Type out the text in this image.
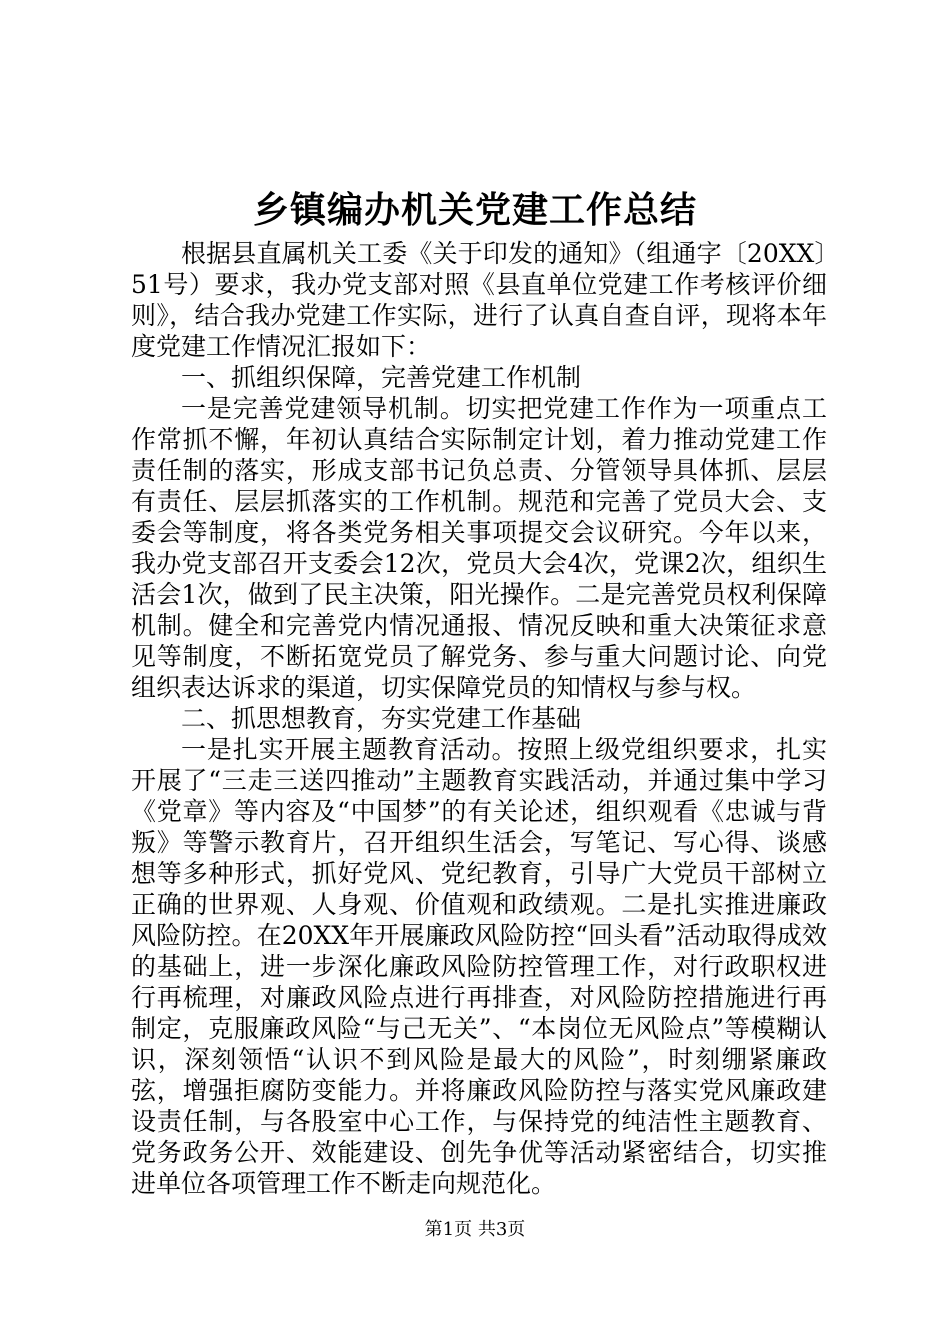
乡镇编办机关党建工作总结

根据县直属机关工委《关于印发的通知》（组通字〔20XX〕51号）要求，我办党支部对照《县直单位党建工作考核评价细则》，结合我办党建工作实际，进行了认真自查自评，现将本年度党建工作情况汇报如下：

一、抓组织保障，完善党建工作机制

一是完善党建领导机制。切实把党建工作作为一项重点工作常抓不懈，年初认真结合实际制定计划，着力推动党建工作责任制的落实，形成支部书记负总责、分管领导具体抓、层层有责任、层层抓落实的工作机制。规范和完善了党员大会、支委会等制度，将各类党务相关事项提交会议研究。今年以来，我办党支部召开支委会12次，党员大会4次，党课2次，组织生活会1次，做到了民主决策，阳光操作。二是完善党员权利保障机制。健全和完善党内情况通报、情况反映和重大决策征求意见等制度，不断拓宽党员了解党务、参与重大问题讨论、向党组织表达诉求的渠道，切实保障党员的知情权与参与权。

二、抓思想教育，夯实党建工作基础

一是扎实开展主题教育活动。按照上级党组织要求，扎实开展了“三走三送四推动”主题教育实践活动，并通过集中学习《党章》等内容及“中国梦”的有关论述，组织观看《忠诚与背叛》等警示教育片，召开组织生活会，写笔记、写心得、谈感想等多种形式，抓好党风、党纪教育，引导广大党员干部树立正确的世界观、人身观、价值观和政绩观。二是扎实推进廉政风险防控。在20XX年开展廉政风险防控“回头看”活动取得成效的基础上，进一步深化廉政风险防控管理工作，对行政职权进行再梳理，对廉政风险点进行再排查，对风险防控措施进行再制定，克服廉政风险“与己无关”、“本岗位无风险点”等模糊认识，深刻领悟“认识不到风险是最大的风险”，时刻绷紧廉政弦，增强拒腐防变能力。并将廉政风险防控与落实党风廉政建设责任制，与各股室中心工作，与保持党的纯洁性主题教育、党务政务公开、效能建设、创先争优等活动紧密结合，切实推进单位各项管理工作不断走向规范化。

第1页 共3页
